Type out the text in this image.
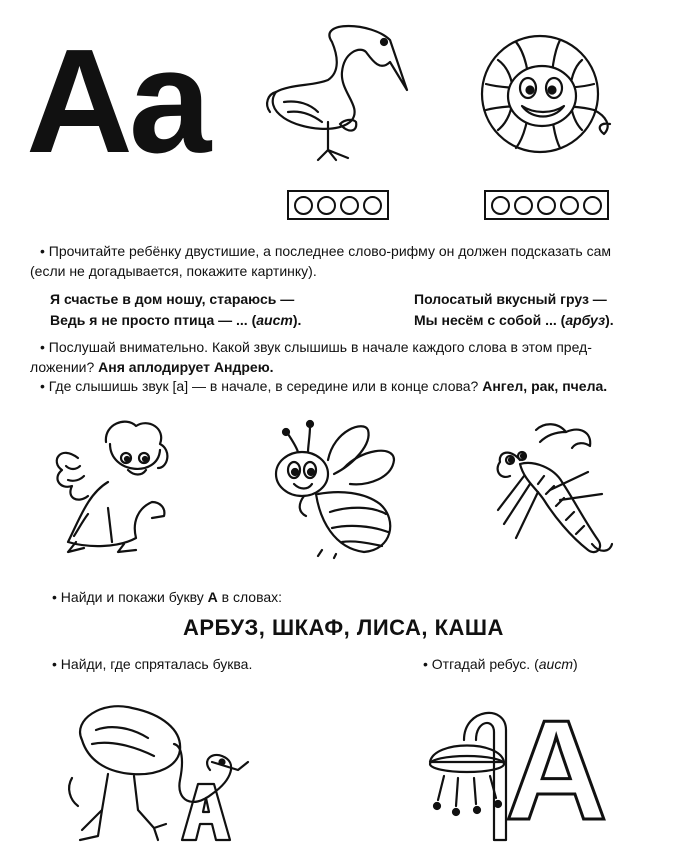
Aa
• Прочитайте ребёнку двустишие, а последнее слово-рифму он должен подсказать сам
(если не догадывается, покажите картинку).
Я счастье в дом ношу, стараюсь —
Ведь я не просто птица — ... (аист).
Полосатый вкусный груз —
Мы несём с собой ... (арбуз).
• Послушай внимательно. Какой звук слышишь в начале каждого слова в этом пред-
ложении? Аня аплодирует Андрею.
• Где слышишь звук [а] — в начале, в середине или в конце слова? Ангел, рак, пчела.
• Найди и покажи букву А в словах:
АРБУЗ, ШКАФ, ЛИСА, КАША
• Найди, где спряталась буква.	• Отгадай ребус. (аист)
А
